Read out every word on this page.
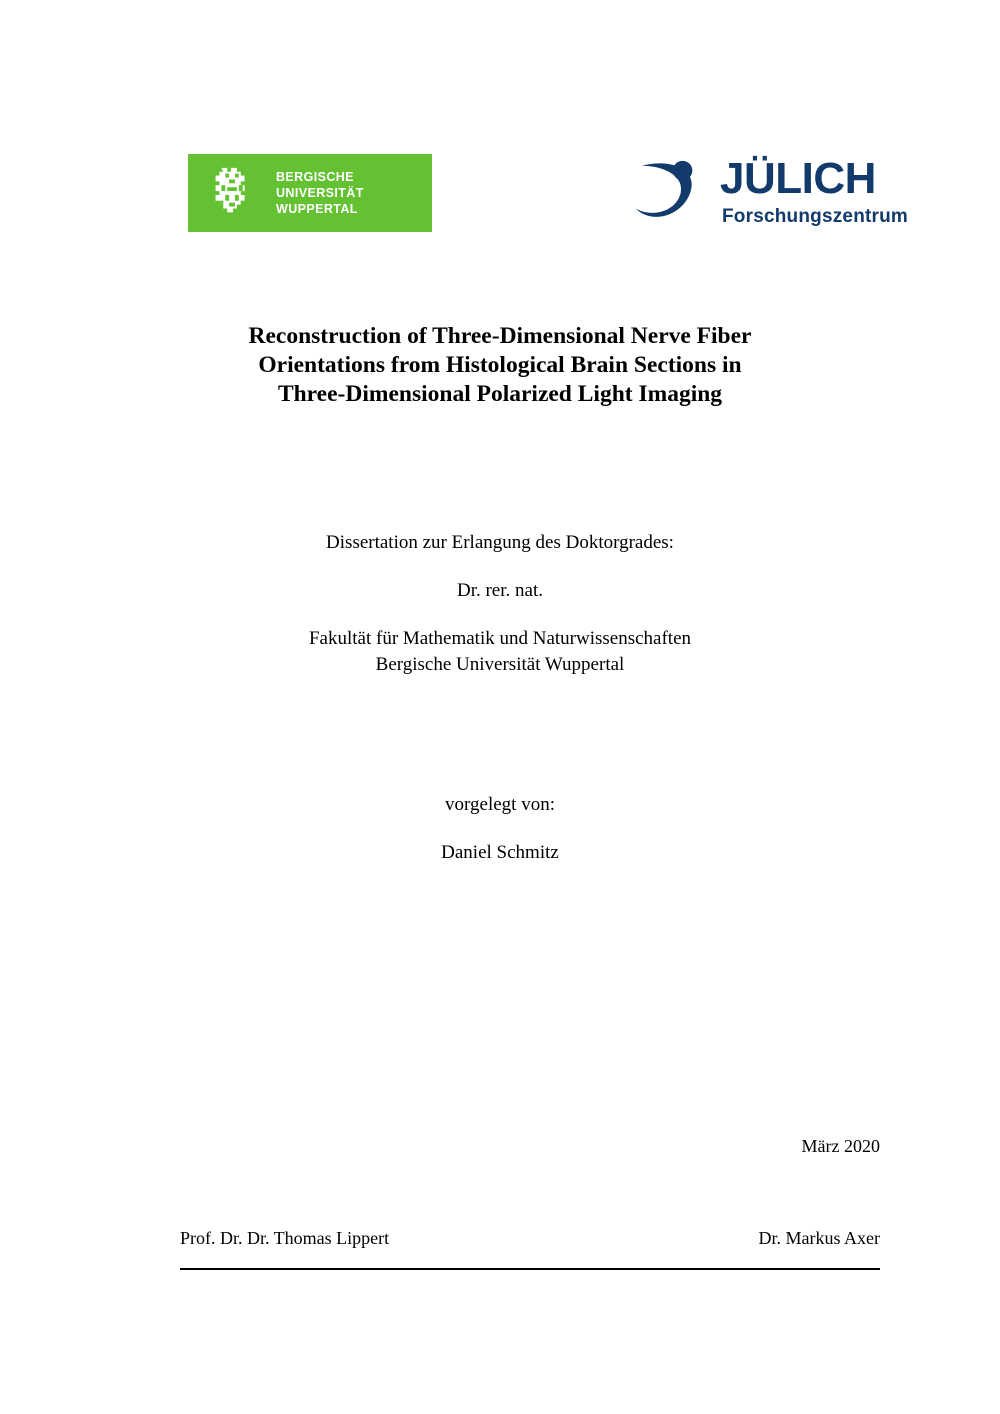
BERGISCHE
UNIVERSITÄT
WUPPERTAL
JÜLICH
Forschungszentrum
Reconstruction of Three-Dimensional Nerve Fiber
Orientations from Histological Brain Sections in
Three-Dimensional Polarized Light Imaging
Dissertation zur Erlangung des Doktorgrades:
Dr. rer. nat.
Fakultät für Mathematik und Naturwissenschaften
Bergische Universität Wuppertal
vorgelegt von:
Daniel Schmitz
März 2020
Prof. Dr. Dr. Thomas Lippert	Dr. Markus Axer
